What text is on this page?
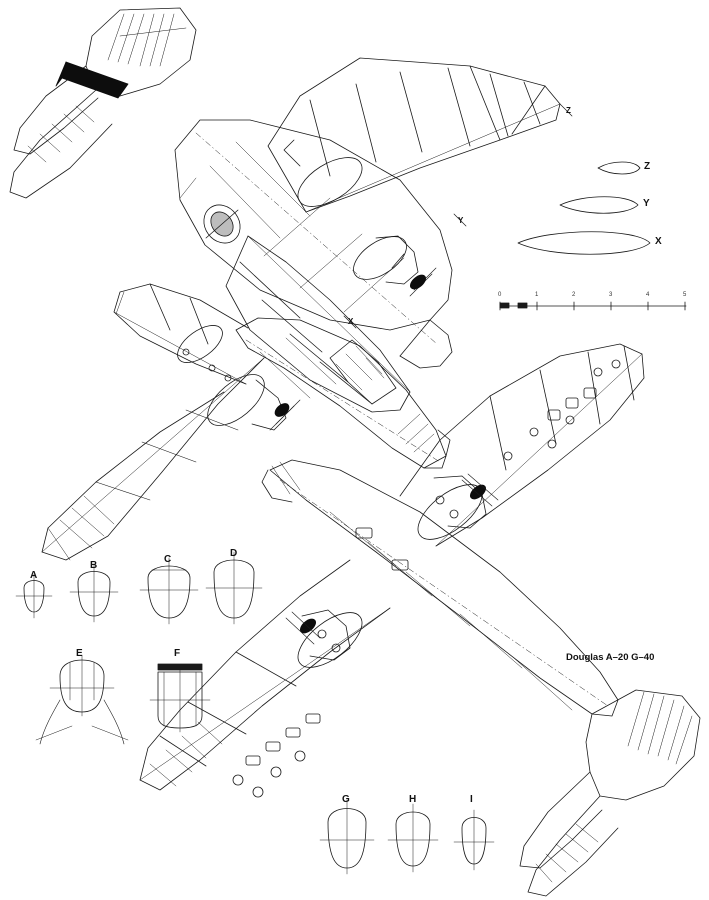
Z
Y
X
Z
Y
X
0	1	2	3	4	5
A
B
C
D
E	F
G	H	I
Douglas A–20 G–40
